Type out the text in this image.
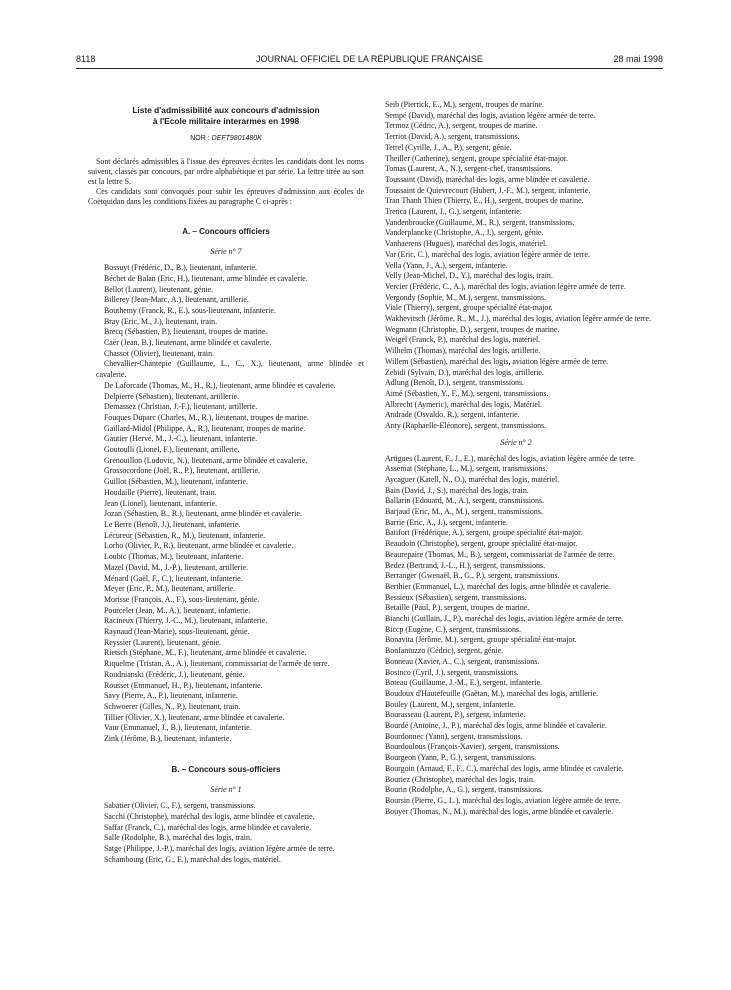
8118	JOURNAL OFFICIEL DE LA RÉPUBLIQUE FRANÇAISE	28 mai 1998
Liste d'admissibilité aux concours d'admission
à l'Ecole militaire interarmes en 1998
NOR : DEFT9801480K
Sont déclarés admissibles à l'issue des épreuves écrites les candidats dont les noms suivent, classés par concours, par ordre alphabétique et par série. La lettre tirée au sort est la lettre S.
Ces candidats sont convoqués pour subir les épreuves d'admission aux écoles de Coëtquidan dans les conditions fixées au paragraphe C ci-après :
A. – Concours officiers
Série n° 7
Bossuyt (Frédéric, D., B.), lieutenant, infanterie.
Béchet de Balan (Eric, H.), lieutenant, arme blindée et cavalerie.
Bellot (Laurent), lieutenant, génie.
Billerey (Jean-Marc, A.), lieutenant, artillerie.
Bouthemy (Franck, R., E.), sous-lieutenant, infanterie.
Bray (Eric, M., J.), lieutenant, train.
Brecq (Sébastien, P.), lieutenant, troupes de marine.
Caër (Jean, B.), lieutenant, arme blindée et cavalerie.
Chassot (Olivier), lieutenant, train.
Chevallier-Chantepie (Guillaume, L., C., X.), lieutenant, arme blindée et cavalerie.
De Laforcade (Thomas, M., H., R.), lieutenant, arme blindée et cavalerie.
Delpierre (Sébastien), lieutenant, artillerie.
Demassez (Christian, J.-F.), lieutenant, artillerie.
Fouques Duparc (Charles, M., R.), lieutenant, troupes de marine.
Gaillard-Midol (Philippe, A., R.), lieutenant, troupes de marine.
Gautier (Hervé, M., J.-C.), lieutenant, infanterie.
Goutoulli (Lionel, F.), lieutenant, artillerie.
Grenouillon (Ludovic, N.), lieutenant, arme blindée et cavalerie.
Grossocordone (Joël, R., P.), lieutenant, artillerie.
Guillot (Sébastien, M.), lieutenant, infanterie.
Houdaille (Pierre), lieutenant, train.
Jean (Lionel), lieutenant, infanterie.
Jozan (Sébastien, B., R.), lieutenant, arme blindée et cavalerie.
Le Berre (Benoît, J.), lieutenant, infanterie.
Lécureur (Sébastien, R., M.), lieutenant, infanterie.
Lorho (Olivier, P., R.), lieutenant, arme blindée et cavalerie.
Loubic (Thomas, M.), lieutenant, infanterie.
Mazel (David, M., J.-P.), lieutenant, artillerie.
Ménard (Gaël, F., C.), lieutenant, infanterie.
Meyer (Eric, P., M.), lieutenant, artillerie.
Morisse (François, A., F.), sous-lieutenant, génie.
Pourcelet (Jean, M., A.), lieutenant, infanterie.
Racineux (Thierry, J.-C., M.), lieutenant, infanterie.
Raynaud (Jean-Marie), sous-lieutenant, génie.
Reyssier (Laurent), lieutenant, génie.
Rietsch (Stéphane, M., F.), lieutenant, arme blindée et cavalerie.
Riquelme (Tristan, A., A.), lieutenant, commissariat de l'armée de terre.
Roudnianski (Frédéric, J.), lieutenant, génie.
Rousset (Emmanuel, H., P.), lieutenant, infanterie.
Savy (Pierre, A., P.), lieutenant, infanterie.
Schwoerer (Gilles, N., P.), lieutenant, train.
Tillier (Olivier, X.), lieutenant, arme blindée et cavalerie.
Vaur (Emmanuel, J., B.), lieutenant, infanterie.
Zink (Jérôme, B.), lieutenant, infanterie.
B. – Concours sous-officiers
Série n° 1
Sabatier (Olivier, C., F.), sergent, transmissions.
Sacchi (Christophe), maréchal des logis, arme blindée et cavalerie.
Saffar (Franck, C.), maréchal des logis, arme blindée et cavalerie.
Salle (Rodolphe, B.), maréchal des logis, train.
Satge (Philippe, J.-P.), maréchal des logis, aviation légère armée de terre.
Schambourg (Eric, G., E.), maréchal des logis, matériel.
Seib (Pierrick, E., M.), sergent, troupes de marine.
Sempé (David), maréchal des logis, aviation légère armée de terre.
Termoz (Cédric, A.), sergent, troupes de marine.
Terriot (David, A.), sergent, transmissions.
Tetrel (Cyrille, J., A., P.), sergent, génie.
Theiller (Catherine), sergent, groupe spécialité état-major.
Tomas (Laurent, A., N.), sergent-chef, transmissions.
Toussaint (David), maréchal des logis, arme blindée et cavalerie.
Toussaint de Quievrecourt (Hubert, J.-F., M.), sergent, infanterie.
Tran Thanh Thien (Thierry, E., H.), sergent, troupes de marine.
Trenca (Laurent, J., G.), sergent, infanterie.
Vandenbroucke (Guillaume, M., R.), sergent, transmissions.
Vanderplancke (Christophe, A., J.), sergent, génie.
Vanhaerens (Hugues), maréchal des logis, matériel.
Var (Eric, C.), maréchal des logis, aviation légère armée de terre.
Vella (Yann, J., A.), sergent, infanterie.
Velly (Jean-Michel, D., Y.), maréchal des logis, train.
Vercier (Frédéric, C., A.), maréchal des logis, aviation légère armée de terre.
Vergondy (Sophie, M., M.), sergent, transmissions.
Viale (Thierry), sergent, groupe spécialité état-major.
Wakhevitsch (Jérôme, R., M., J.), maréchal des logis, aviation légère armée de terre.
Wegmann (Christophe, D.), sergent, troupes de marine.
Weigel (Franck, P.), maréchal des logis, matériel.
Wilhelm (Thomas), maréchal des logis, artillerie.
Willem (Sébastien), maréchal des logis, aviation légère armée de terre.
Zebidi (Sylvain, D.), maréchal des logis, artillerie.
Adlung (Benoît, D.), sergent, transmissions.
Aimé (Sébastien, Y., F., M.), sergent, transmissions.
Albrecht (Aymeric), maréchal des logis, Matériel.
Andrade (Osvaldo, R.), sergent, infanterie.
Anty (Raphaelle-Eléonore), sergent, transmissions.
Série n° 2
Artigues (Laurent, F., J., E.), maréchal des logis, aviation légère armée de terre.
Assemat (Stéphane, L., M.), sergent, transmissions.
Aycaguer (Katell, N., O.), maréchal des logis, matériel.
Bain (David, J., S.), maréchal des logis, train.
Ballarin (Edouard, M., A.), sergent, transmissions.
Barjaud (Eric, M., A., M.), sergent, transmissions.
Barrie (Eric, A., J.), sergent, infanterie.
Batifort (Frédérique, A.), sergent, groupe spécialité état-major.
Beaudoin (Christophe), sergent, groupe spécialité état-major.
Beaurepaire (Thomas, M., B.), sergent, commissariat de l'armée de terre.
Bedez (Bertrand, J.-L., H.), sergent, transmissions.
Berranger (Gwenaël, B., G., P.), sergent, transmissions.
Berthier (Emmanuel, L.), maréchal des logis, arme blindée et cavalerie.
Bessieux (Sébastien), sergent, transmissions.
Betaille (Paul, P.), sergent, troupes de marine.
Bianchi (Guillain, J., P.), maréchal des logis, aviation légère armée de terre.
Biccp (Eugène, C.), sergent, transmissions.
Bonavita (Jérôme, M.), sergent, groupe spécialité état-major.
Bonfantuzzo (Cédric), sergent, génie.
Bonneau (Xavier, A., C.), sergent, transmissions.
Bosinco (Cyril, J.), sergent, transmissions.
Boteau (Guillaume, J.-M., E.), sergent, infanterie.
Boudoux d'Hautefeuille (Gaëtan, M.), maréchal des logis, artillerie.
Bouley (Laurent, M.), sergent, infanterie.
Bourasseau (Laurent, P.), sergent, infanterie.
Bourdé (Antoine, J., P.), maréchal des logis, arme blindée et cavalerie.
Bourdonnec (Yann), sergent, transmissions.
Bourdoulous (François-Xavier), sergent, transmissions.
Bourgeon (Yann, P., G.), sergent, transmissions.
Bourgoin (Arnaud, F., F., C.), maréchal des logis, arme blindée et cavalerie.
Bouriez (Christophe), maréchal des logis, train.
Bourin (Rodolphe, A., G.), sergent, transmissions.
Boursin (Pierre, G., L.), maréchal des logis, aviation légère armée de terre.
Bouyer (Thomas, N., M.), maréchal des logis, arme blindée et cavalerie.
